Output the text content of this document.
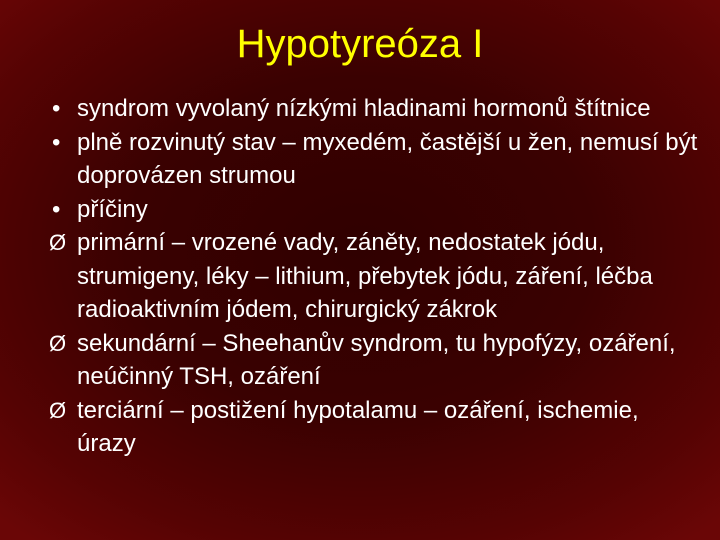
Hypotyreóza I
• syndrom vyvolaný nízkými hladinami hormonů štítnice
• plně rozvinutý stav – myxedém, častější u žen, nemusí být doprovázen strumou
• příčiny
Ø primární – vrozené vady, záněty, nedostatek jódu, strumigeny, léky – lithium, přebytek jódu, záření, léčba radioaktivním jódem, chirurgický zákrok
Ø sekundární – Sheehanův syndrom, tu hypofýzy, ozáření, neúčinný TSH, ozáření
Ø terciární – postižení hypotalamu – ozáření, ischemie, úrazy
